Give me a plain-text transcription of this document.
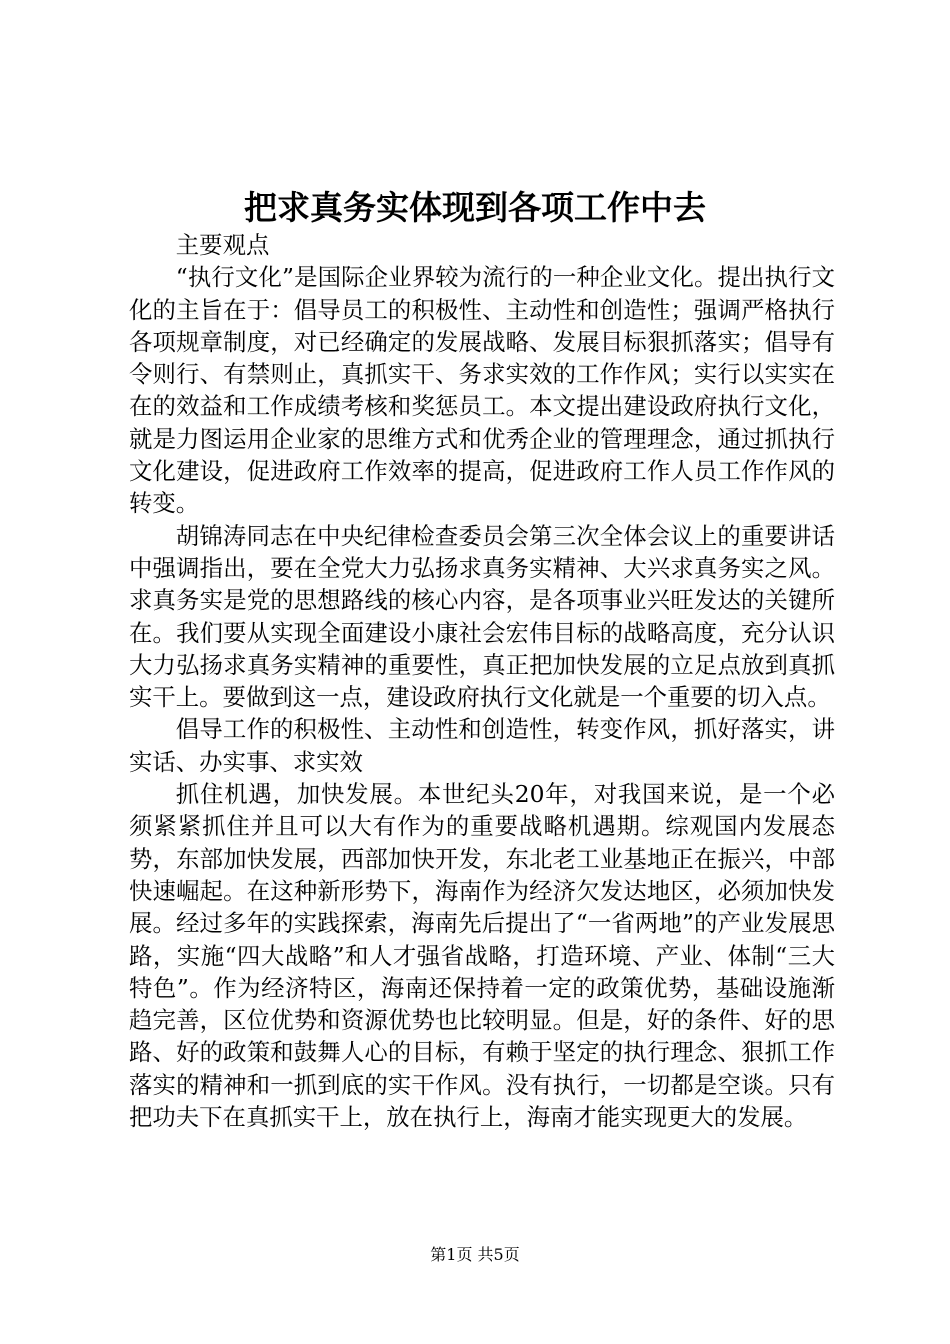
把求真务实体现到各项工作中去

主要观点

“执行文化”是国际企业界较为流行的一种企业文化。提出执行文化的主旨在于：倡导员工的积极性、主动性和创造性；强调严格执行各项规章制度，对已经确定的发展战略、发展目标狠抓落实；倡导有令则行、有禁则止，真抓实干、务求实效的工作作风；实行以实实在在的效益和工作成绩考核和奖惩员工。本文提出建设政府执行文化，就是力图运用企业家的思维方式和优秀企业的管理理念，通过抓执行文化建设，促进政府工作效率的提高，促进政府工作人员工作作风的转变。

胡锦涛同志在中央纪律检查委员会第三次全体会议上的重要讲话中强调指出，要在全党大力弘扬求真务实精神、大兴求真务实之风。求真务实是党的思想路线的核心内容，是各项事业兴旺发达的关键所在。我们要从实现全面建设小康社会宏伟目标的战略高度，充分认识大力弘扬求真务实精神的重要性，真正把加快发展的立足点放到真抓实干上。要做到这一点，建设政府执行文化就是一个重要的切入点。

倡导工作的积极性、主动性和创造性，转变作风，抓好落实，讲实话、办实事、求实效

抓住机遇，加快发展。本世纪头20年，对我国来说，是一个必须紧紧抓住并且可以大有作为的重要战略机遇期。综观国内发展态势，东部加快发展，西部加快开发，东北老工业基地正在振兴，中部快速崛起。在这种新形势下，海南作为经济欠发达地区，必须加快发展。经过多年的实践探索，海南先后提出了“一省两地”的产业发展思路，实施“四大战略”和人才强省战略，打造环境、产业、体制“三大特色”。作为经济特区，海南还保持着一定的政策优势，基础设施渐趋完善，区位优势和资源优势也比较明显。但是，好的条件、好的思路、好的政策和鼓舞人心的目标，有赖于坚定的执行理念、狠抓工作落实的精神和一抓到底的实干作风。没有执行，一切都是空谈。只有把功夫下在真抓实干上，放在执行上，海南才能实现更大的发展。

第1页 共5页
